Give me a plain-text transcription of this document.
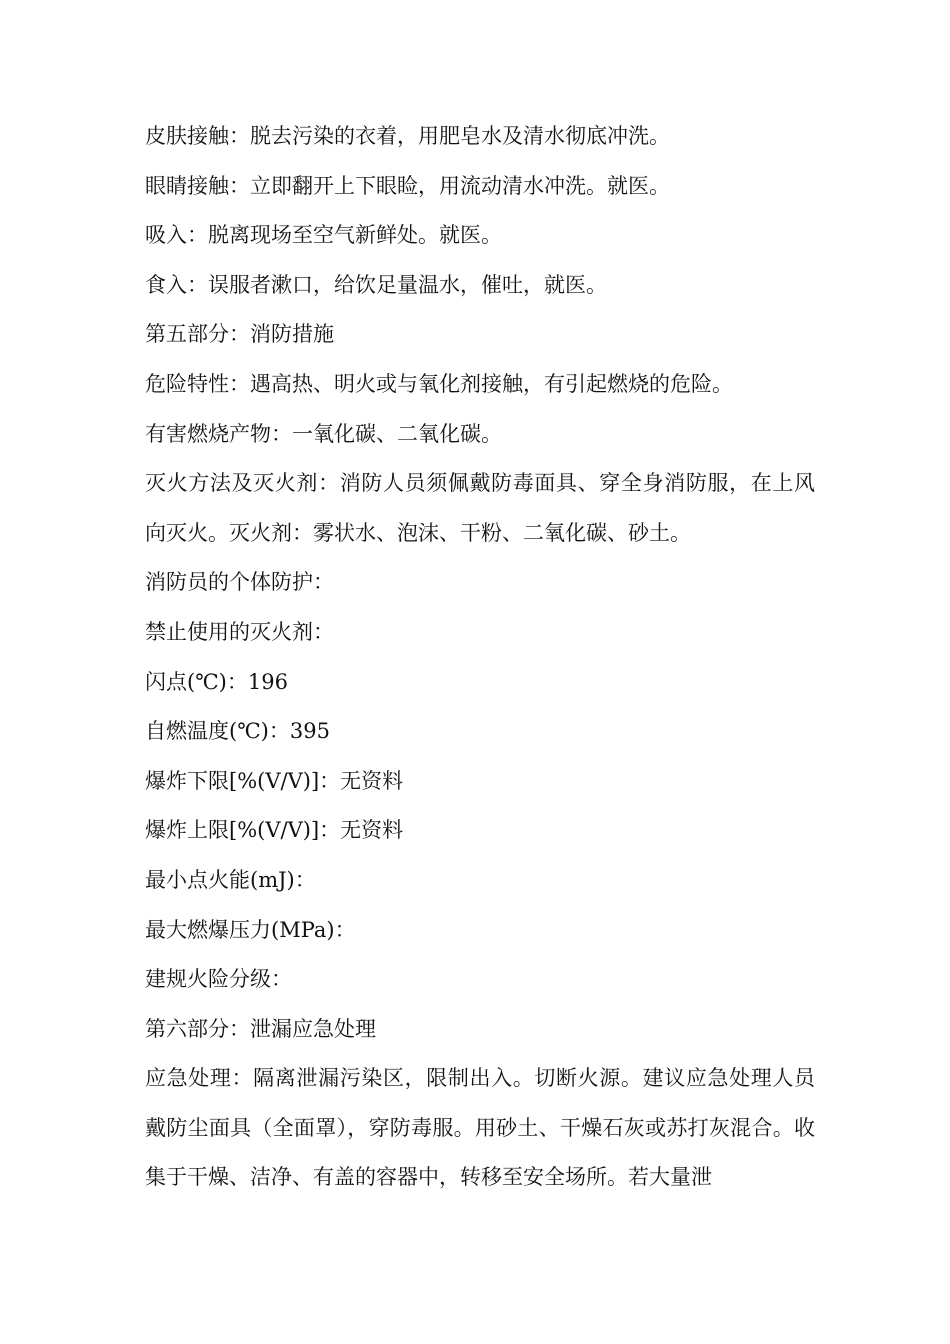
皮肤接触：脱去污染的衣着，用肥皂水及清水彻底冲洗。

眼睛接触：立即翻开上下眼睑，用流动清水冲洗。就医。

吸入：脱离现场至空气新鲜处。就医。

食入：误服者漱口，给饮足量温水，催吐，就医。

第五部分：消防措施

危险特性：遇高热、明火或与氧化剂接触，有引起燃烧的危险。

有害燃烧产物：一氧化碳、二氧化碳。

灭火方法及灭火剂：消防人员须佩戴防毒面具、穿全身消防服，在上风向灭火。灭火剂：雾状水、泡沫、干粉、二氧化碳、砂土。

消防员的个体防护：

禁止使用的灭火剂：

闪点(℃)：196

自燃温度(℃)：395

爆炸下限[%(V/V)]：无资料

爆炸上限[%(V/V)]：无资料

最小点火能(mJ)：

最大燃爆压力(MPa)：

建规火险分级：

第六部分：泄漏应急处理

应急处理：隔离泄漏污染区，限制出入。切断火源。建议应急处理人员戴防尘面具（全面罩），穿防毒服。用砂土、干燥石灰或苏打灰混合。收集于干燥、洁净、有盖的容器中，转移至安全场所。若大量泄
